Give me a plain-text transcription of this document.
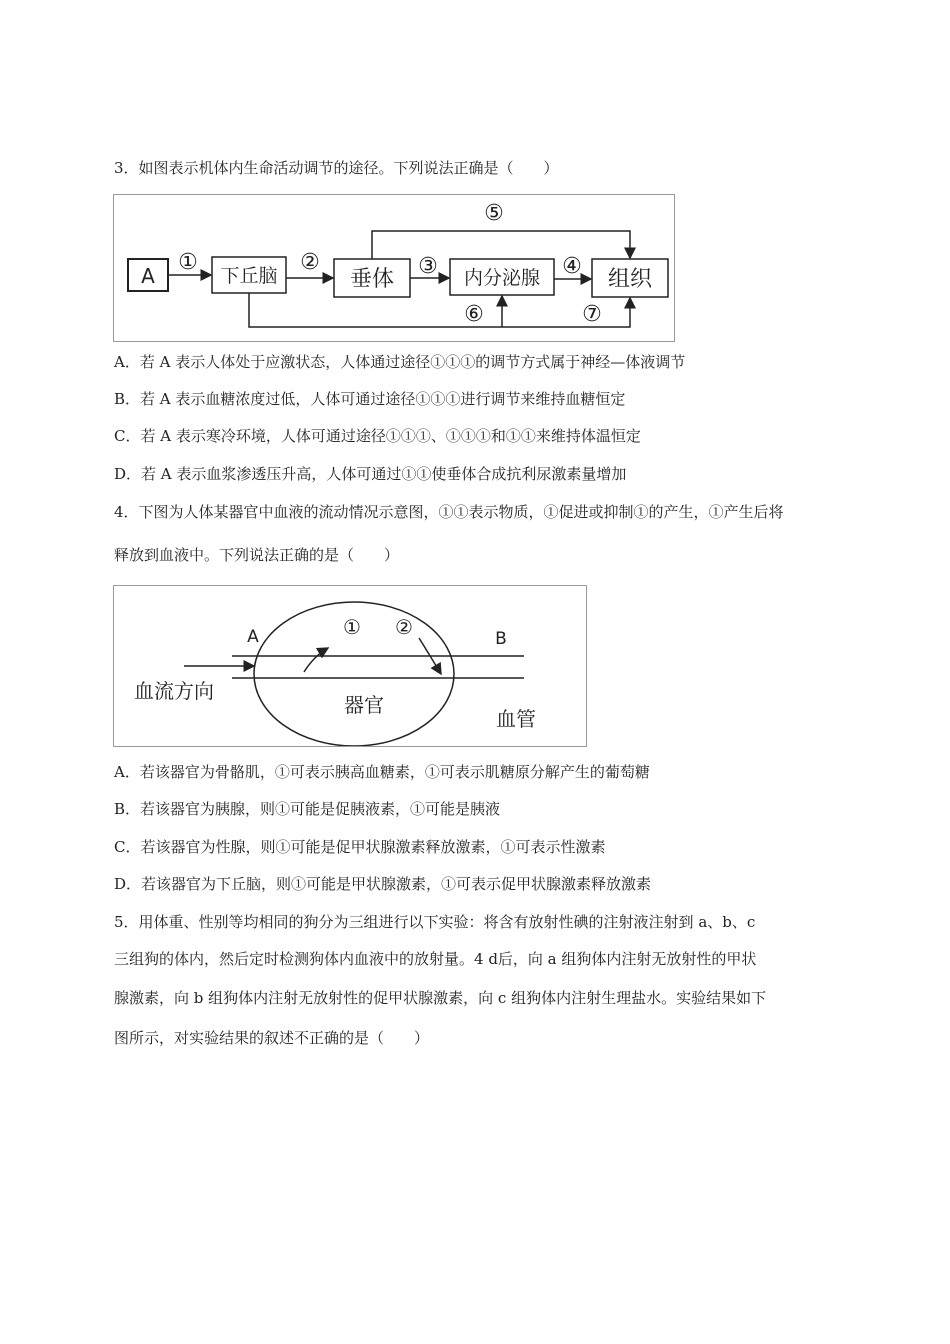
3．如图表示机体内生命活动调节的途径。下列说法正确是（　　）
A	下丘脑	垂体	内分泌腺	组织
①	②	③	④
⑤
⑥	⑦
A．若 A 表示人体处于应激状态，人体通过途径①①①的调节方式属于神经—体液调节
B．若 A 表示血糖浓度过低，人体可通过途径①①①进行调节来维持血糖恒定
C．若 A 表示寒冷环境，人体可通过途径①①①、①①①和①①来维持体温恒定
D．若 A 表示血浆渗透压升高，人体可通过①①使垂体合成抗利尿激素量增加
4．下图为人体某器官中血液的流动情况示意图，①①表示物质，①促进或抑制①的产生，①产生后将
释放到血液中。下列说法正确的是（　　）
A	B
① ②
血流方向
器官
血管
A．若该器官为骨骼肌，①可表示胰高血糖素，①可表示肌糖原分解产生的葡萄糖
B．若该器官为胰腺，则①可能是促胰液素，①可能是胰液
C．若该器官为性腺，则①可能是促甲状腺激素释放激素，①可表示性激素
D．若该器官为下丘脑，则①可能是甲状腺激素，①可表示促甲状腺激素释放激素
5．用体重、性别等均相同的狗分为三组进行以下实验：将含有放射性碘的注射液注射到 a、b、c
三组狗的体内，然后定时检测狗体内血液中的放射量。4 d后，向 a 组狗体内注射无放射性的甲状
腺激素，向 b 组狗体内注射无放射性的促甲状腺激素，向 c 组狗体内注射生理盐水。实验结果如下
图所示，对实验结果的叙述不正确的是（　　）
